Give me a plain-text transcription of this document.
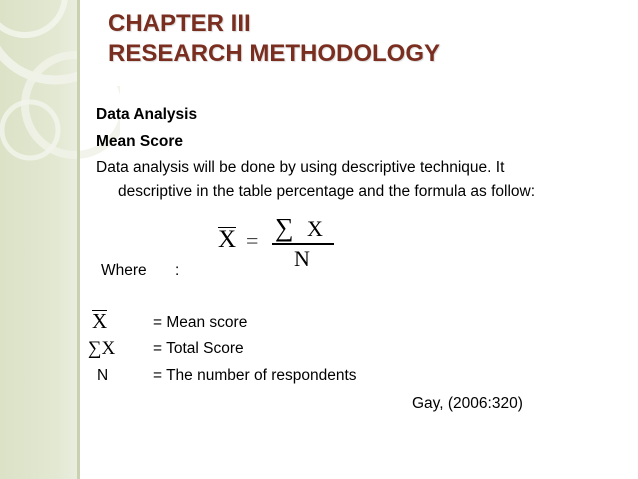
CHAPTER III
RESEARCH METHODOLOGY
Data Analysis
Mean Score
Data analysis will be done by using descriptive technique. It
descriptive in the table percentage and the formula as follow:
X = ∑ X
N
Where :
X	= Mean score
∑X = Total Score
N	= The number of respondents
Gay, (2006:320)
